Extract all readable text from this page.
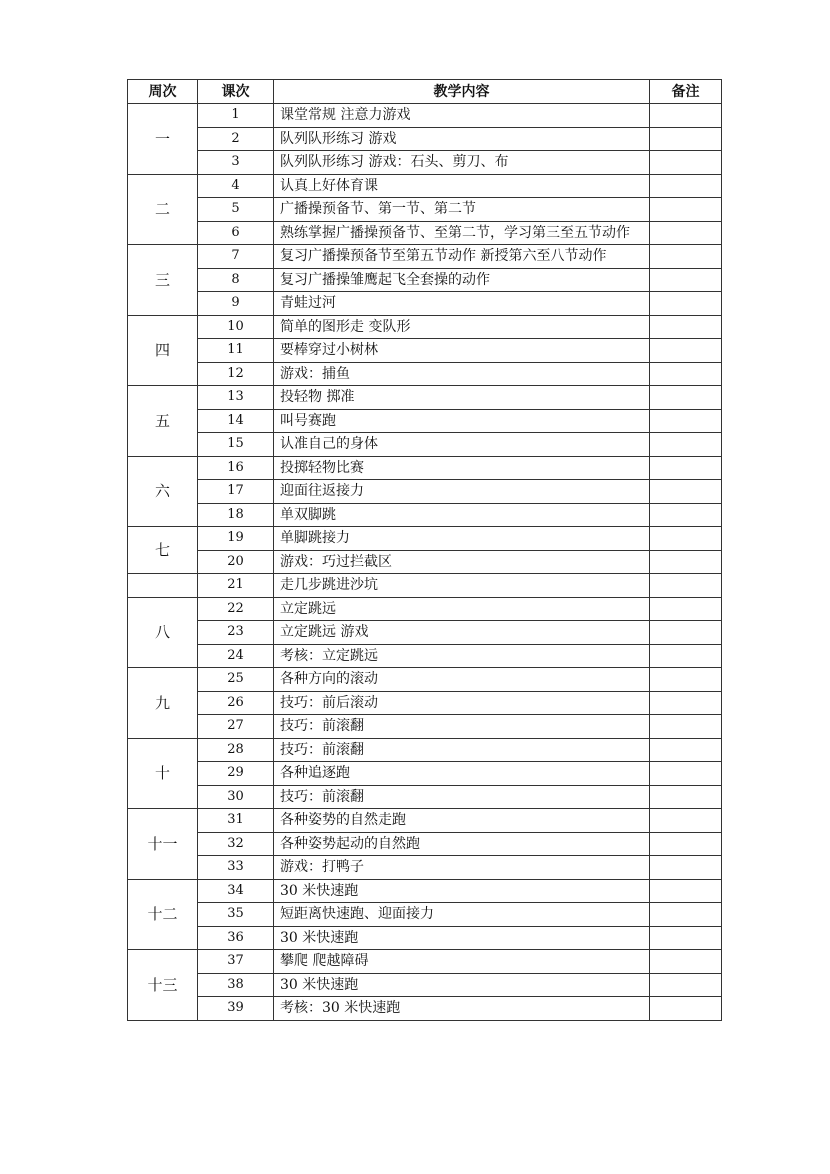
周次	课次	教学内容	备注
一	1	课堂常规 注意力游戏	
	2	队列队形练习 游戏	
	3	队列队形练习 游戏：石头、剪刀、布	
二	4	认真上好体育课	
	5	广播操预备节、第一节、第二节	
	6	熟练掌握广播操预备节、至第二节，学习第三至五节动作	
三	7	复习广播操预备节至第五节动作 新授第六至八节动作	
	8	复习广播操雏鹰起飞全套操的动作	
	9	青蛙过河	
四	10	简单的图形走 变队形	
	11	要棒穿过小树林	
	12	游戏：捕鱼	
五	13	投轻物 掷准	
	14	叫号赛跑	
	15	认准自己的身体	
六	16	投掷轻物比赛	
	17	迎面往返接力	
	18	单双脚跳	
七	19	单脚跳接力	
	20	游戏：巧过拦截区	
	21	走几步跳进沙坑	
八	22	立定跳远	
	23	立定跳远 游戏	
	24	考核：立定跳远	
九	25	各种方向的滚动	
	26	技巧：前后滚动	
	27	技巧：前滚翻	
十	28	技巧：前滚翻	
	29	各种追逐跑	
	30	技巧：前滚翻	
十一	31	各种姿势的自然走跑	
	32	各种姿势起动的自然跑	
	33	游戏：打鸭子	
十二	34	30 米快速跑	
	35	短距离快速跑、迎面接力	
	36	30 米快速跑	
十三	37	攀爬 爬越障碍	
	38	30 米快速跑	
	39	考核：30 米快速跑	
